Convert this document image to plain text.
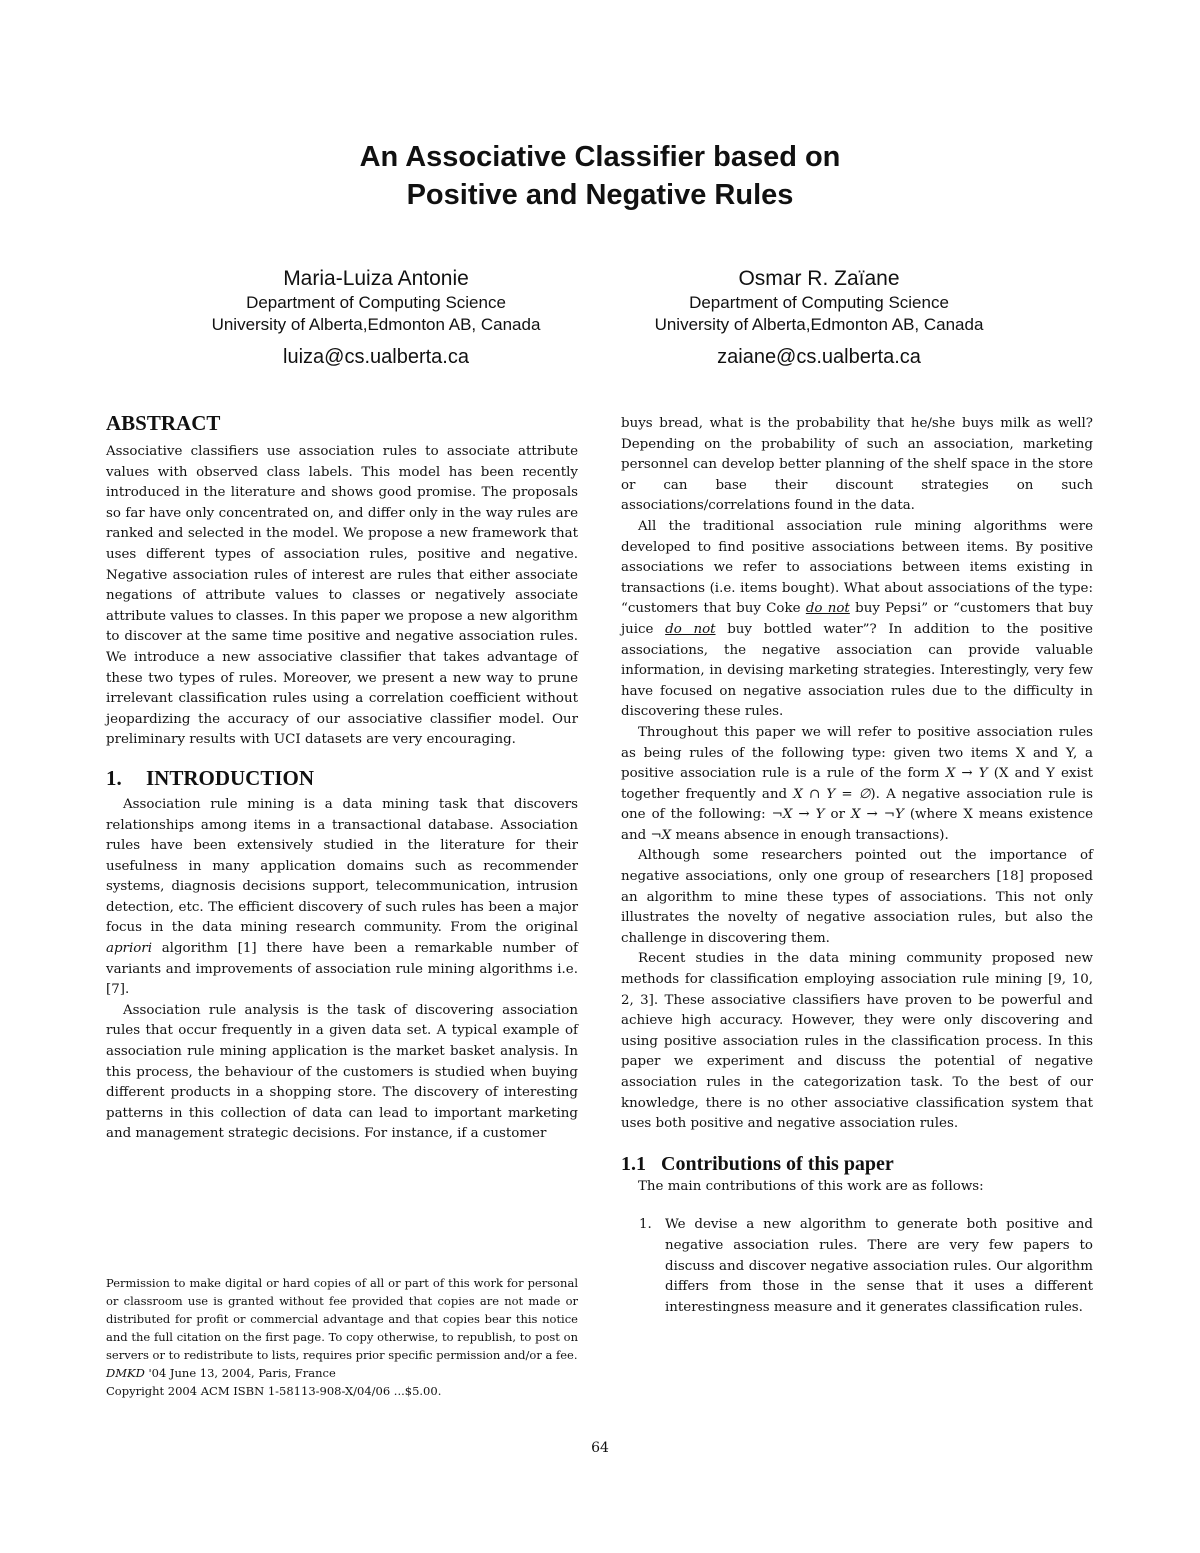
An Associative Classifier based on
Positive and Negative Rules
Maria-Luiza Antonie
Department of Computing Science
University of Alberta,Edmonton AB, Canada
luiza@cs.ualberta.ca
Osmar R. Zaïane
Department of Computing Science
University of Alberta,Edmonton AB, Canada
zaiane@cs.ualberta.ca
ABSTRACT

Associative classifiers use association rules to associate attribute values with observed class labels. This model has been recently introduced in the literature and shows good promise. The proposals so far have only concentrated on, and differ only in the way rules are ranked and selected in the model. We propose a new framework that uses different types of association rules, positive and negative. Negative association rules of interest are rules that either associate negations of attribute values to classes or negatively associate attribute values to classes. In this paper we propose a new algorithm to discover at the same time positive and negative association rules. We introduce a new associative classifier that takes advantage of these two types of rules. Moreover, we present a new way to prune irrelevant classification rules using a correlation coefficient without jeopardizing the accuracy of our associative classifier model. Our preliminary results with UCI datasets are very encouraging.

1. INTRODUCTION

Association rule mining is a data mining task that discovers relationships among items in a transactional database. Association rules have been extensively studied in the literature for their usefulness in many application domains such as recommender systems, diagnosis decisions support, telecommunication, intrusion detection, etc. The efficient discovery of such rules has been a major focus in the data mining research community. From the original apriori algorithm [1] there have been a remarkable number of variants and improvements of association rule mining algorithms i.e. [7].

Association rule analysis is the task of discovering association rules that occur frequently in a given data set. A typical example of association rule mining application is the market basket analysis. In this process, the behaviour of the customers is studied when buying different products in a shopping store. The discovery of interesting patterns in this collection of data can lead to important marketing and management strategic decisions. For instance, if a customer

buys bread, what is the probability that he/she buys milk as well? Depending on the probability of such an association, marketing personnel can develop better planning of the shelf space in the store or can base their discount strategies on such associations/correlations found in the data.

All the traditional association rule mining algorithms were developed to find positive associations between items. By positive associations we refer to associations between items existing in transactions (i.e. items bought). What about associations of the type: “customers that buy Coke do not buy Pepsi” or “customers that buy juice do not buy bottled water”? In addition to the positive associations, the negative association can provide valuable information, in devising marketing strategies. Interestingly, very few have focused on negative association rules due to the difficulty in discovering these rules.

Throughout this paper we will refer to positive association rules as being rules of the following type: given two items X and Y, a positive association rule is a rule of the form X → Y (X and Y exist together frequently and X ∩ Y = ∅). A negative association rule is one of the following: ¬X → Y or X → ¬Y (where X means existence and ¬X means absence in enough transactions).

Although some researchers pointed out the importance of negative associations, only one group of researchers [18] proposed an algorithm to mine these types of associations. This not only illustrates the novelty of negative association rules, but also the challenge in discovering them.

Recent studies in the data mining community proposed new methods for classification employing association rule mining [9, 10, 2, 3]. These associative classifiers have proven to be powerful and achieve high accuracy. However, they were only discovering and using positive association rules in the classification process. In this paper we experiment and discuss the potential of negative association rules in the categorization task. To the best of our knowledge, there is no other associative classification system that uses both positive and negative association rules.

1.1 Contributions of this paper

The main contributions of this work are as follows:

1. We devise a new algorithm to generate both positive and negative association rules. There are very few papers to discuss and discover negative association rules. Our algorithm differs from those in the sense that it uses a different interestingness measure and it generates classification rules.

Permission to make digital or hard copies of all or part of this work for personal or classroom use is granted without fee provided that copies are not made or distributed for profit or commercial advantage and that copies bear this notice and the full citation on the first page. To copy otherwise, to republish, to post on servers or to redistribute to lists, requires prior specific permission and/or a fee.

DMKD '04 June 13, 2004, Paris, France

Copyright 2004 ACM ISBN 1-58113-908-X/04/06 ...$5.00.

64
